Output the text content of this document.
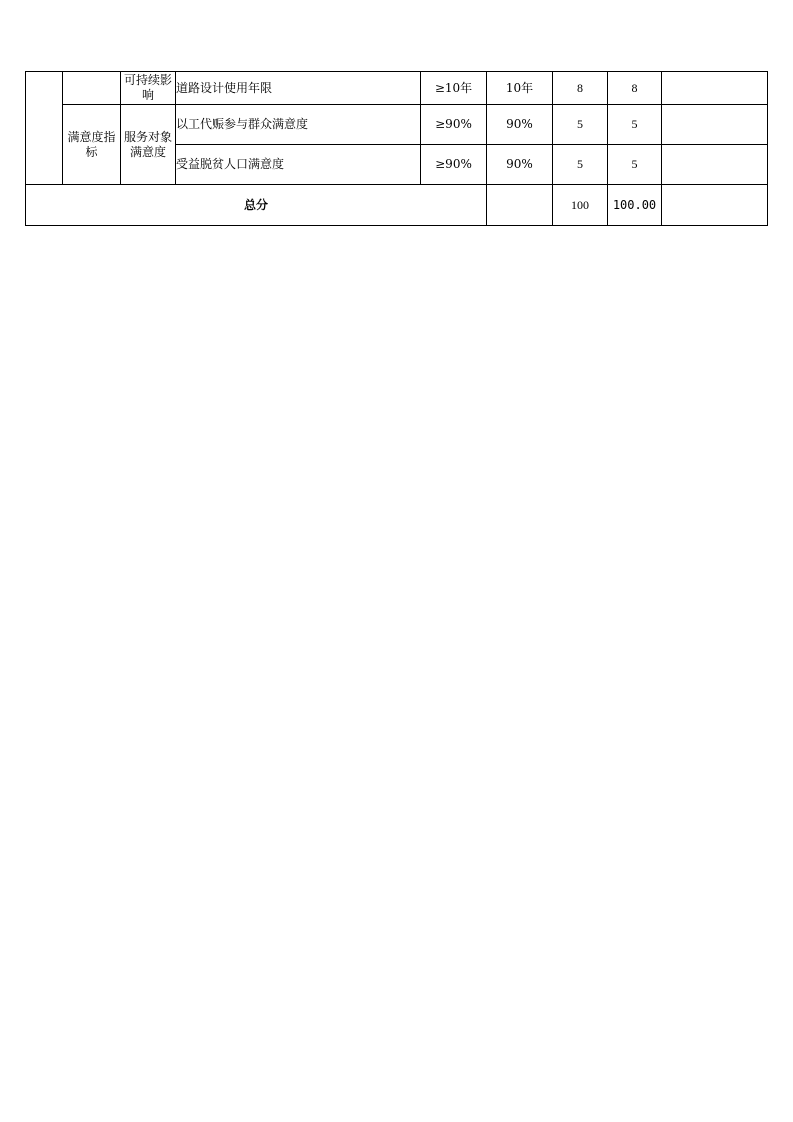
		可持续影响	道路设计使用年限	≥10年	10年	8	8	
	满意度指标	服务对象满意度	以工代赈参与群众满意度	≥90%	90%	5	5	
			受益脱贫人口满意度	≥90%	90%	5	5	
总分						100	100.00	
